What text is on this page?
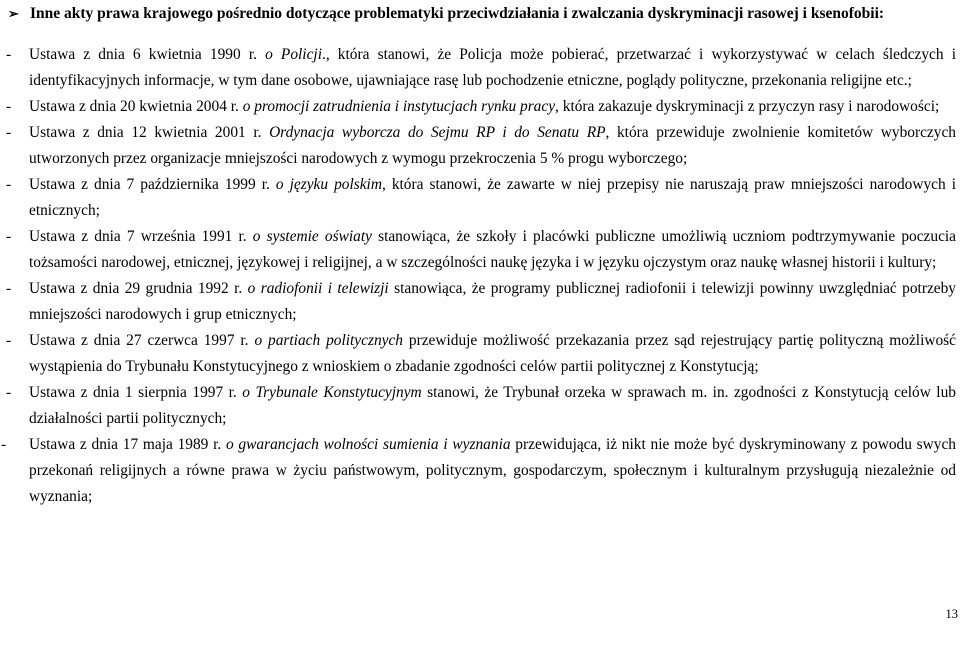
➢ Inne akty prawa krajowego pośrednio dotyczące problematyki przeciwdziałania i zwalczania dyskryminacji rasowej i ksenofobii:
- Ustawa z dnia 6 kwietnia 1990 r. o Policji., która stanowi, że Policja może pobierać, przetwarzać i wykorzystywać w celach śledczych i identyfikacyjnych informacje, w tym dane osobowe, ujawniające rasę lub pochodzenie etniczne, poglądy polityczne, przekonania religijne etc.;
- Ustawa z dnia 20 kwietnia 2004 r. o promocji zatrudnienia i instytucjach rynku pracy, która zakazuje dyskryminacji z przyczyn rasy i narodowości;
- Ustawa z dnia 12 kwietnia 2001 r. Ordynacja wyborcza do Sejmu RP i do Senatu RP, która przewiduje zwolnienie komitetów wyborczych utworzonych przez organizacje mniejszości narodowych z wymogu przekroczenia 5 % progu wyborczego;
- Ustawa z dnia 7 października 1999 r. o języku polskim, która stanowi, że zawarte w niej przepisy nie naruszają praw mniejszości narodowych i etnicznych;
- Ustawa z dnia 7 września 1991 r. o systemie oświaty stanowiąca, że szkoły i placówki publiczne umożliwią uczniom podtrzymywanie poczucia tożsamości narodowej, etnicznej, językowej i religijnej, a w szczególności naukę języka i w języku ojczystym oraz naukę własnej historii i kultury;
- Ustawa z dnia 29 grudnia 1992 r. o radiofonii i telewizji stanowiąca, że programy publicznej radiofonii i telewizji powinny uwzględniać potrzeby mniejszości narodowych i grup etnicznych;
- Ustawa z dnia 27 czerwca 1997 r. o partiach politycznych przewiduje możliwość przekazania przez sąd rejestrujący partię polityczną możliwość wystąpienia do Trybunału Konstytucyjnego z wnioskiem o zbadanie zgodności celów partii politycznej z Konstytucją;
- Ustawa z dnia 1 sierpnia 1997 r. o Trybunale Konstytucyjnym stanowi, że Trybunał orzeka w sprawach m. in. zgodności z Konstytucją celów lub działalności partii politycznych;
- Ustawa z dnia 17 maja 1989 r. o gwarancjach wolności sumienia i wyznania przewidująca, iż nikt nie może być dyskryminowany z powodu swych przekonań religijnych a równe prawa w życiu państwowym, politycznym, gospodarczym, społecznym i kulturalnym przysługują niezależnie od wyznania;
13
